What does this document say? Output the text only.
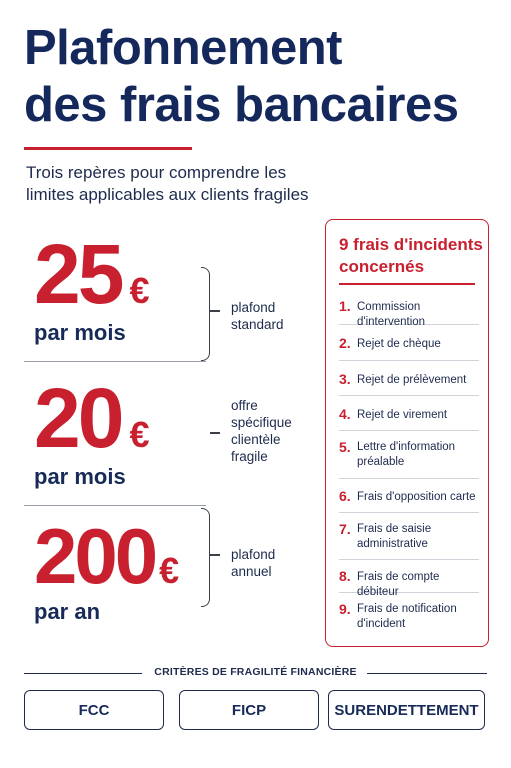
Plafonnement
des frais bancaires
Trois repères pour comprendre les
limites applicables aux clients fragiles
25 €
par mois
20 €
par mois
200 €
par an
plafond
standard
offre
spécifique
clientèle
fragile
plafond
annuel
9 frais d'incidents
concernés
1. Commission d'intervention
2. Rejet de chèque
3. Rejet de prélèvement
4. Rejet de virement
5. Lettre d'information
préalable
6. Frais d'opposition carte
7. Frais de saisie
administrative
8. Frais de compte débiteur
9. Frais de notification
d'incident
CRITÈRES DE FRAGILITÉ FINANCIÈRE
FCC	FICP	SURENDETTEMENT
